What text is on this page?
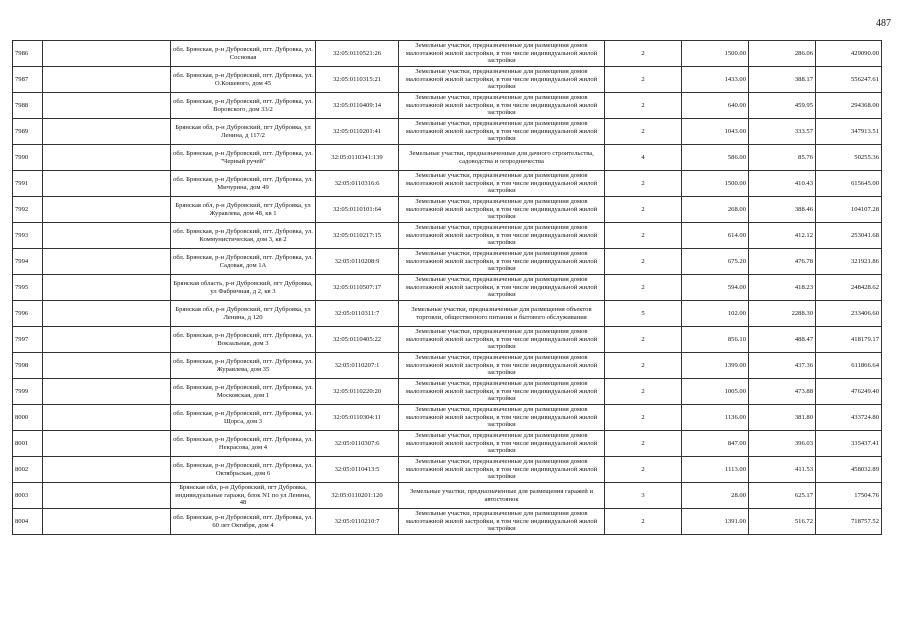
487
7986		обл. Брянская, р-н Дубровский, пгт. Дубровка, ул. Сосновая	32:05:0110521:26	Земельные участки, предназначенные для размещения домов малоэтажной жилой застройки, в том числе индивидуальной жилой застройки	2	1500.00	286.06	429090.00
7987		обл. Брянская, р-н Дубровский, пгт. Дубровка, ул. О.Кошевого, дом 45	32:05:0110315:21	Земельные участки, предназначенные для размещения домов малоэтажной жилой застройки, в том числе индивидуальной жилой застройки	2	1433.00	388.17	556247.61
7988		обл. Брянская, р-н Дубровский, пгт. Дубровка, ул. Воровского, дом 33/2	32:05:0110409:14	Земельные участки, предназначенные для размещения домов малоэтажной жилой застройки, в том числе индивидуальной жилой застройки	2	640.00	459.95	294368.00
7989		Брянская обл, р-н Дубровский, пгт Дубровка, ул Ленина, д 117/2	32:05:0110201:41	Земельные участки, предназначенные для размещения домов малоэтажной жилой застройки, в том числе индивидуальной жилой застройки	2	1043.00	333.57	347913.51
7990		обл. Брянская, р-н Дубровский, пгт. Дубровка, ул. "Черный ручей"	32:05:0110341:139	Земельные участки, предназначенные для дачного строительства, садоводства и огородничества	4	586.00	85.76	50255.36
7991		обл. Брянская, р-н Дубровский, пгт. Дубровка, ул. Мичурина, дом 49	32:05:0110316:6	Земельные участки, предназначенные для размещения домов малоэтажной жилой застройки, в том числе индивидуальной жилой застройки	2	1500.00	410.43	615645.00
7992		Брянская обл, р-н Дубровский, пгт Дубровка, ул Журавлева, дом 48, кв 1	32:05:0110101:64	Земельные участки, предназначенные для размещения домов малоэтажной жилой застройки, в том числе индивидуальной жилой застройки	2	268.00	388.46	104107.28
7993		обл. Брянская, р-н Дубровский, пгт. Дубровка, ул. Коммунистическая, дом 3, кв 2	32:05:0110217:15	Земельные участки, предназначенные для размещения домов малоэтажной жилой застройки, в том числе индивидуальной жилой застройки	2	614.00	412.12	253041.68
7994		обл. Брянская, р-н Дубровский, пгт. Дубровка, ул. Садовая, дом 1А	32:05:0110208:9	Земельные участки, предназначенные для размещения домов малоэтажной жилой застройки, в том числе индивидуальной жилой застройки	2	675.20	476.78	321921.86
7995		Брянская область, р-н Дубровский, пгт Дубровка, ул Фабричная, д 2, кв 3	32:05:0110507:17	Земельные участки, предназначенные для размещения домов малоэтажной жилой застройки, в том числе индивидуальной жилой застройки	2	594.00	418.23	248428.62
7996		Брянская обл, р-н Дубровский, пгт Дубровка, ул Ленина, д 120	32:05:0110311:7	Земельные участки, предназначенные для размещения объектов торговли, общественного питания и бытового обслуживания	5	102.00	2288.30	233406.60
7997		обл. Брянская, р-н Дубровский, пгт. Дубровка, ул. Вокзальная, дом 3	32:05:0110405:22	Земельные участки, предназначенные для размещения домов малоэтажной жилой застройки, в том числе индивидуальной жилой застройки	2	856.10	488.47	418179.17
7998		обл. Брянская, р-н Дубровский, пгт. Дубровка, ул. Журавлева, дом 35	32:05:0110207:1	Земельные участки, предназначенные для размещения домов малоэтажной жилой застройки, в том числе индивидуальной жилой застройки	2	1399.00	437.36	611866.64
7999		обл. Брянская, р-н Дубровский, пгт. Дубровка, ул. Московская, дом 1	32:05:0110220:20	Земельные участки, предназначенные для размещения домов малоэтажной жилой застройки, в том числе индивидуальной жилой застройки	2	1005.00	473.88	476249.40
8000		обл. Брянская, р-н Дубровский, пгт. Дубровка, ул. Щорса, дом 3	32:05:0110304:11	Земельные участки, предназначенные для размещения домов малоэтажной жилой застройки, в том числе индивидуальной жилой застройки	2	1136.00	381.80	433724.80
8001		обл. Брянская, р-н Дубровский, пгт. Дубровка, ул. Некрасова, дом 4	32:05:0110307:6	Земельные участки, предназначенные для размещения домов малоэтажной жилой застройки, в том числе индивидуальной жилой застройки	2	847.00	396.03	335437.41
8002		обл. Брянская, р-н Дубровский, пгт. Дубровка, ул. Октябрьская, дом 6	32:05:0110413:5	Земельные участки, предназначенные для размещения домов малоэтажной жилой застройки, в том числе индивидуальной жилой застройки	2	1113.00	411.53	458032.89
8003		Брянская обл, р-н Дубровский, пгт Дубровка, индивидуальные гаражи, блок N1 по ул Ленина, 48	32:05:0110201:120	Земельные участки, предназначенные для размещения гаражей и автостоянок	3	28.00	625.17	17504.76
8004		обл. Брянская, р-н Дубровский, пгт. Дубровка, ул. 60 лет Октября, дом 4	32:05:0110210:7	Земельные участки, предназначенные для размещения домов малоэтажной жилой застройки, в том числе индивидуальной жилой застройки	2	1391.00	516.72	718757.52
